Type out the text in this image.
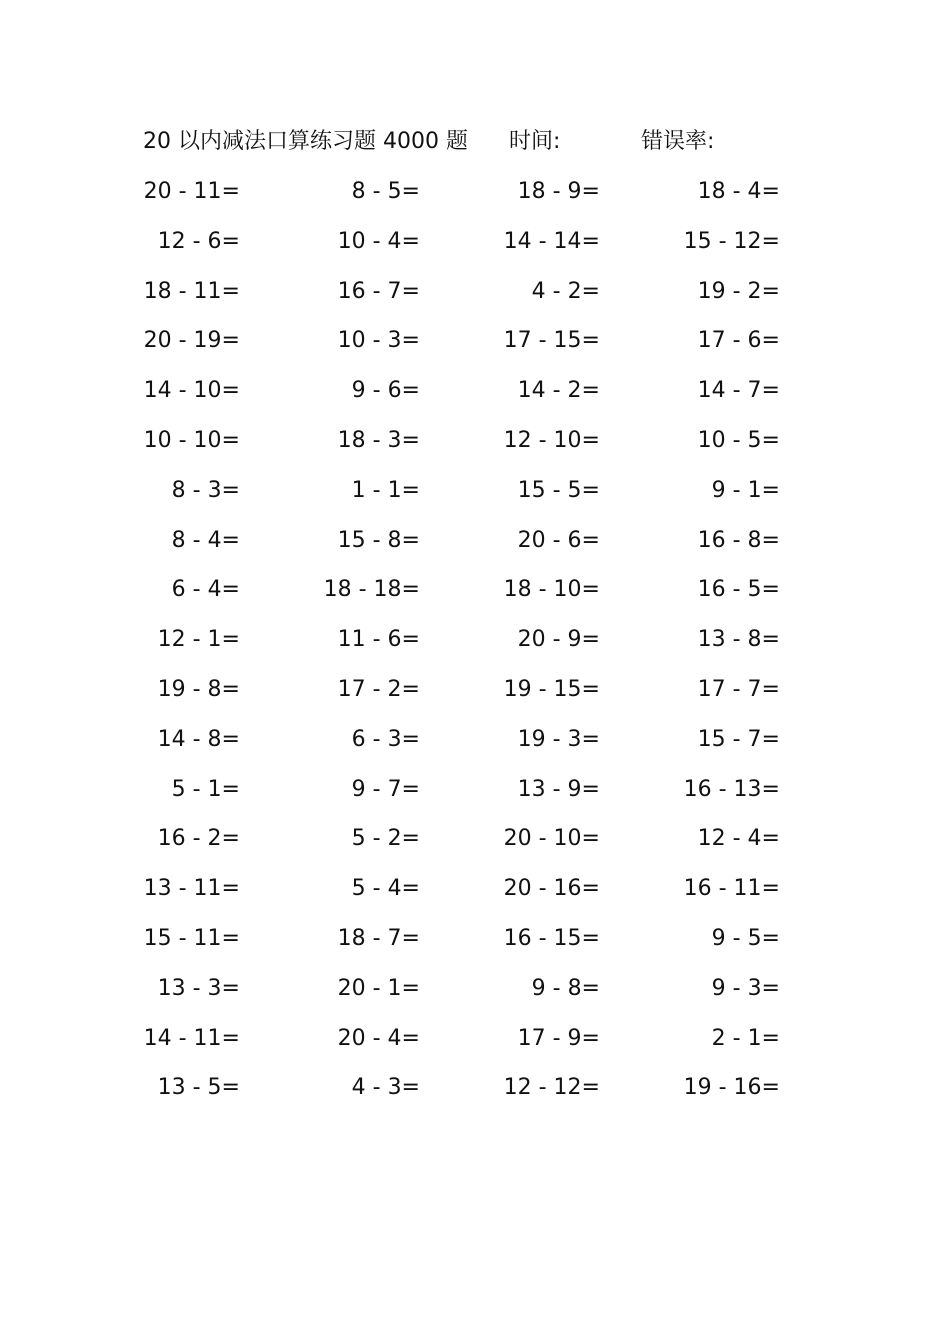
20 以内减法口算练习题 4000 题 时间:	错误率:
20 - 11=	8 - 5=	18 - 9=	18 - 4=
12 - 6=	10 - 4=	14 - 14=	15 - 12=
18 - 11=	16 - 7=	4 - 2=	19 - 2=
20 - 19=	10 - 3=	17 - 15=	17 - 6=
14 - 10=	9 - 6=	14 - 2=	14 - 7=
10 - 10=	18 - 3=	12 - 10=	10 - 5=
8 - 3=	1 - 1=	15 - 5=	9 - 1=
8 - 4=	15 - 8=	20 - 6=	16 - 8=
6 - 4=	18 - 18=	18 - 10=	16 - 5=
12 - 1=	11 - 6=	20 - 9=	13 - 8=
19 - 8=	17 - 2=	19 - 15=	17 - 7=
14 - 8=	6 - 3=	19 - 3=	15 - 7=
5 - 1=	9 - 7=	13 - 9=	16 - 13=
16 - 2=	5 - 2=	20 - 10=	12 - 4=
13 - 11=	5 - 4=	20 - 16=	16 - 11=
15 - 11=	18 - 7=	16 - 15=	9 - 5=
13 - 3=	20 - 1=	9 - 8=	9 - 3=
14 - 11=	20 - 4=	17 - 9=	2 - 1=
13 - 5=	4 - 3=	12 - 12=	19 - 16=
